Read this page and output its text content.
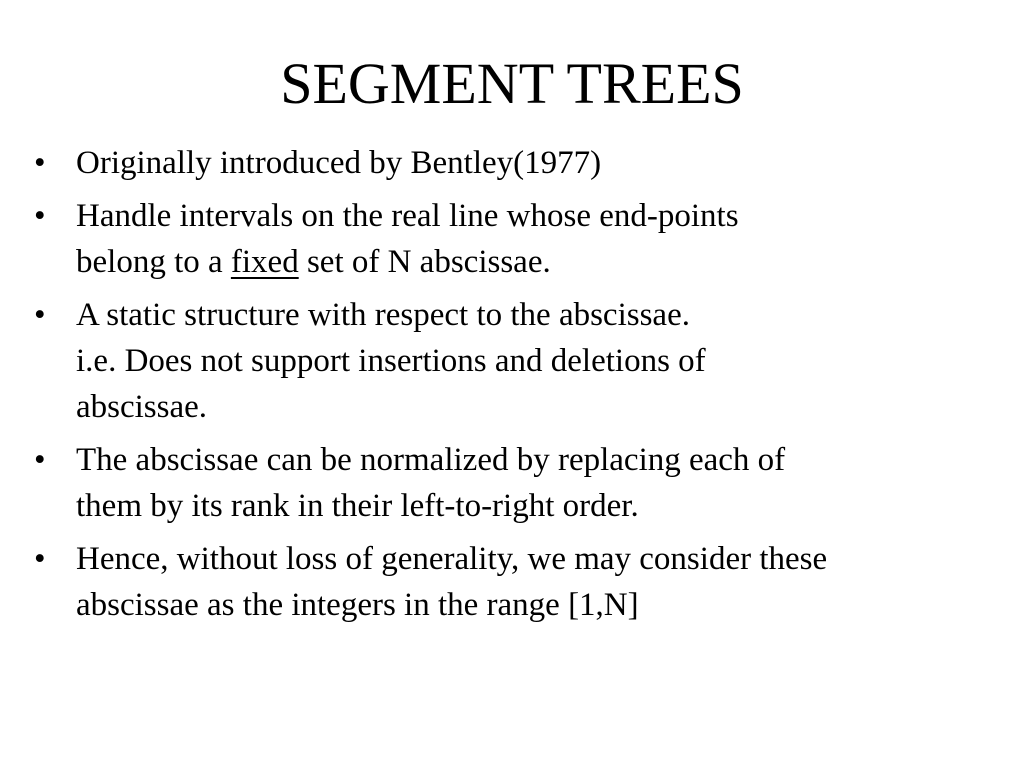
SEGMENT TREES
• Originally introduced by Bentley(1977)
• Handle intervals on the real line whose end-points
belong to a fixed set of N abscissae.
• A static structure with respect to the abscissae.
i.e. Does not support insertions and deletions of
abscissae.
• The abscissae can be normalized by replacing each of
them by its rank in their left-to-right order.
• Hence, without loss of generality, we may consider these
abscissae as the integers in the range [1,N]
